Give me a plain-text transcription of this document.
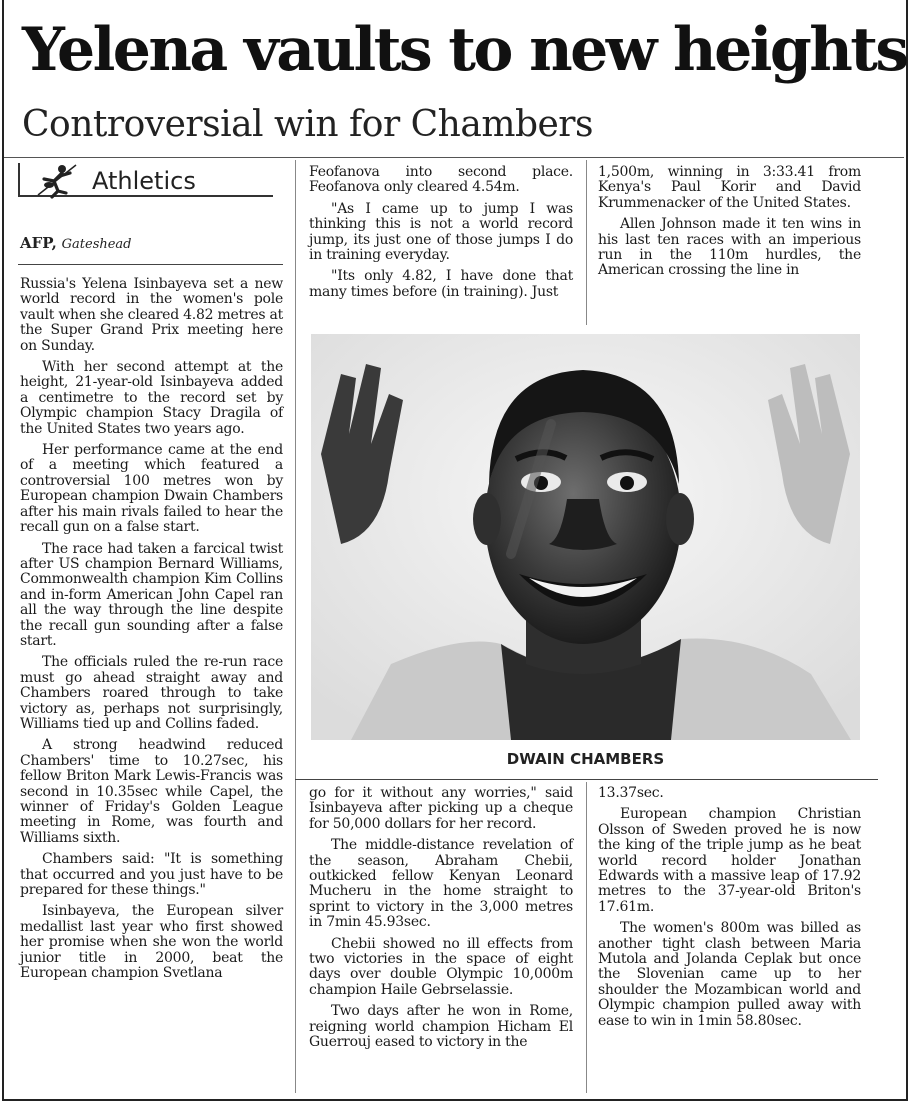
Yelena vaults to new heights
Controversial win for Chambers
Athletics
AFP, Gateshead

Russia's Yelena Isinbayeva set a new world record in the women's pole vault when she cleared 4.82 metres at the Super Grand Prix meeting here on Sunday.

With her second attempt at the height, 21-year-old Isinbayeva added a centimetre to the record set by Olympic champion Stacy Dragila of the United States two years ago.

Her performance came at the end of a meeting which featured a controversial 100 metres won by European champion Dwain Chambers after his main rivals failed to hear the recall gun on a false start.

The race had taken a farcical twist after US champion Bernard Williams, Commonwealth champion Kim Collins and in-form American John Capel ran all the way through the line despite the recall gun sounding after a false start.

The officials ruled the re-run race must go ahead straight away and Chambers roared through to take victory as, perhaps not surprisingly, Williams tied up and Collins faded.

A strong headwind reduced Chambers' time to 10.27sec, his fellow Briton Mark Lewis-Francis was second in 10.35sec while Capel, the winner of Friday's Golden League meeting in Rome, was fourth and Williams sixth.

Chambers said: "It is something that occurred and you just have to be prepared for these things."

Isinbayeva, the European silver medallist last year who first showed her promise when she won the world junior title in 2000, beat the European champion Svetlana

Feofanova into second place. Feofanova only cleared 4.54m.

"As I came up to jump I was thinking this is not a world record jump, its just one of those jumps I do in training everyday.

"Its only 4.82, I have done that many times before (in training). Just

1,500m, winning in 3:33.41 from Kenya's Paul Korir and David Krummenacker of the United States.

Allen Johnson made it ten wins in his last ten races with an imperious run in the 110m hurdles, the American crossing the line in

DWAIN CHAMBERS

go for it without any worries," said Isinbayeva after picking up a cheque for 50,000 dollars for her record.

The middle-distance revelation of the season, Abraham Chebii, outkicked fellow Kenyan Leonard Mucheru in the home straight to sprint to victory in the 3,000 metres in 7min 45.93sec.

Chebii showed no ill effects from two victories in the space of eight days over double Olympic 10,000m champion Haile Gebrselassie.

Two days after he won in Rome, reigning world champion Hicham El Guerrouj eased to victory in the

13.37sec.

European champion Christian Olsson of Sweden proved he is now the king of the triple jump as he beat world record holder Jonathan Edwards with a massive leap of 17.92 metres to the 37-year-old Briton's 17.61m.

The women's 800m was billed as another tight clash between Maria Mutola and Jolanda Ceplak but once the Slovenian came up to her shoulder the Mozambican world and Olympic champion pulled away with ease to win in 1min 58.80sec.
